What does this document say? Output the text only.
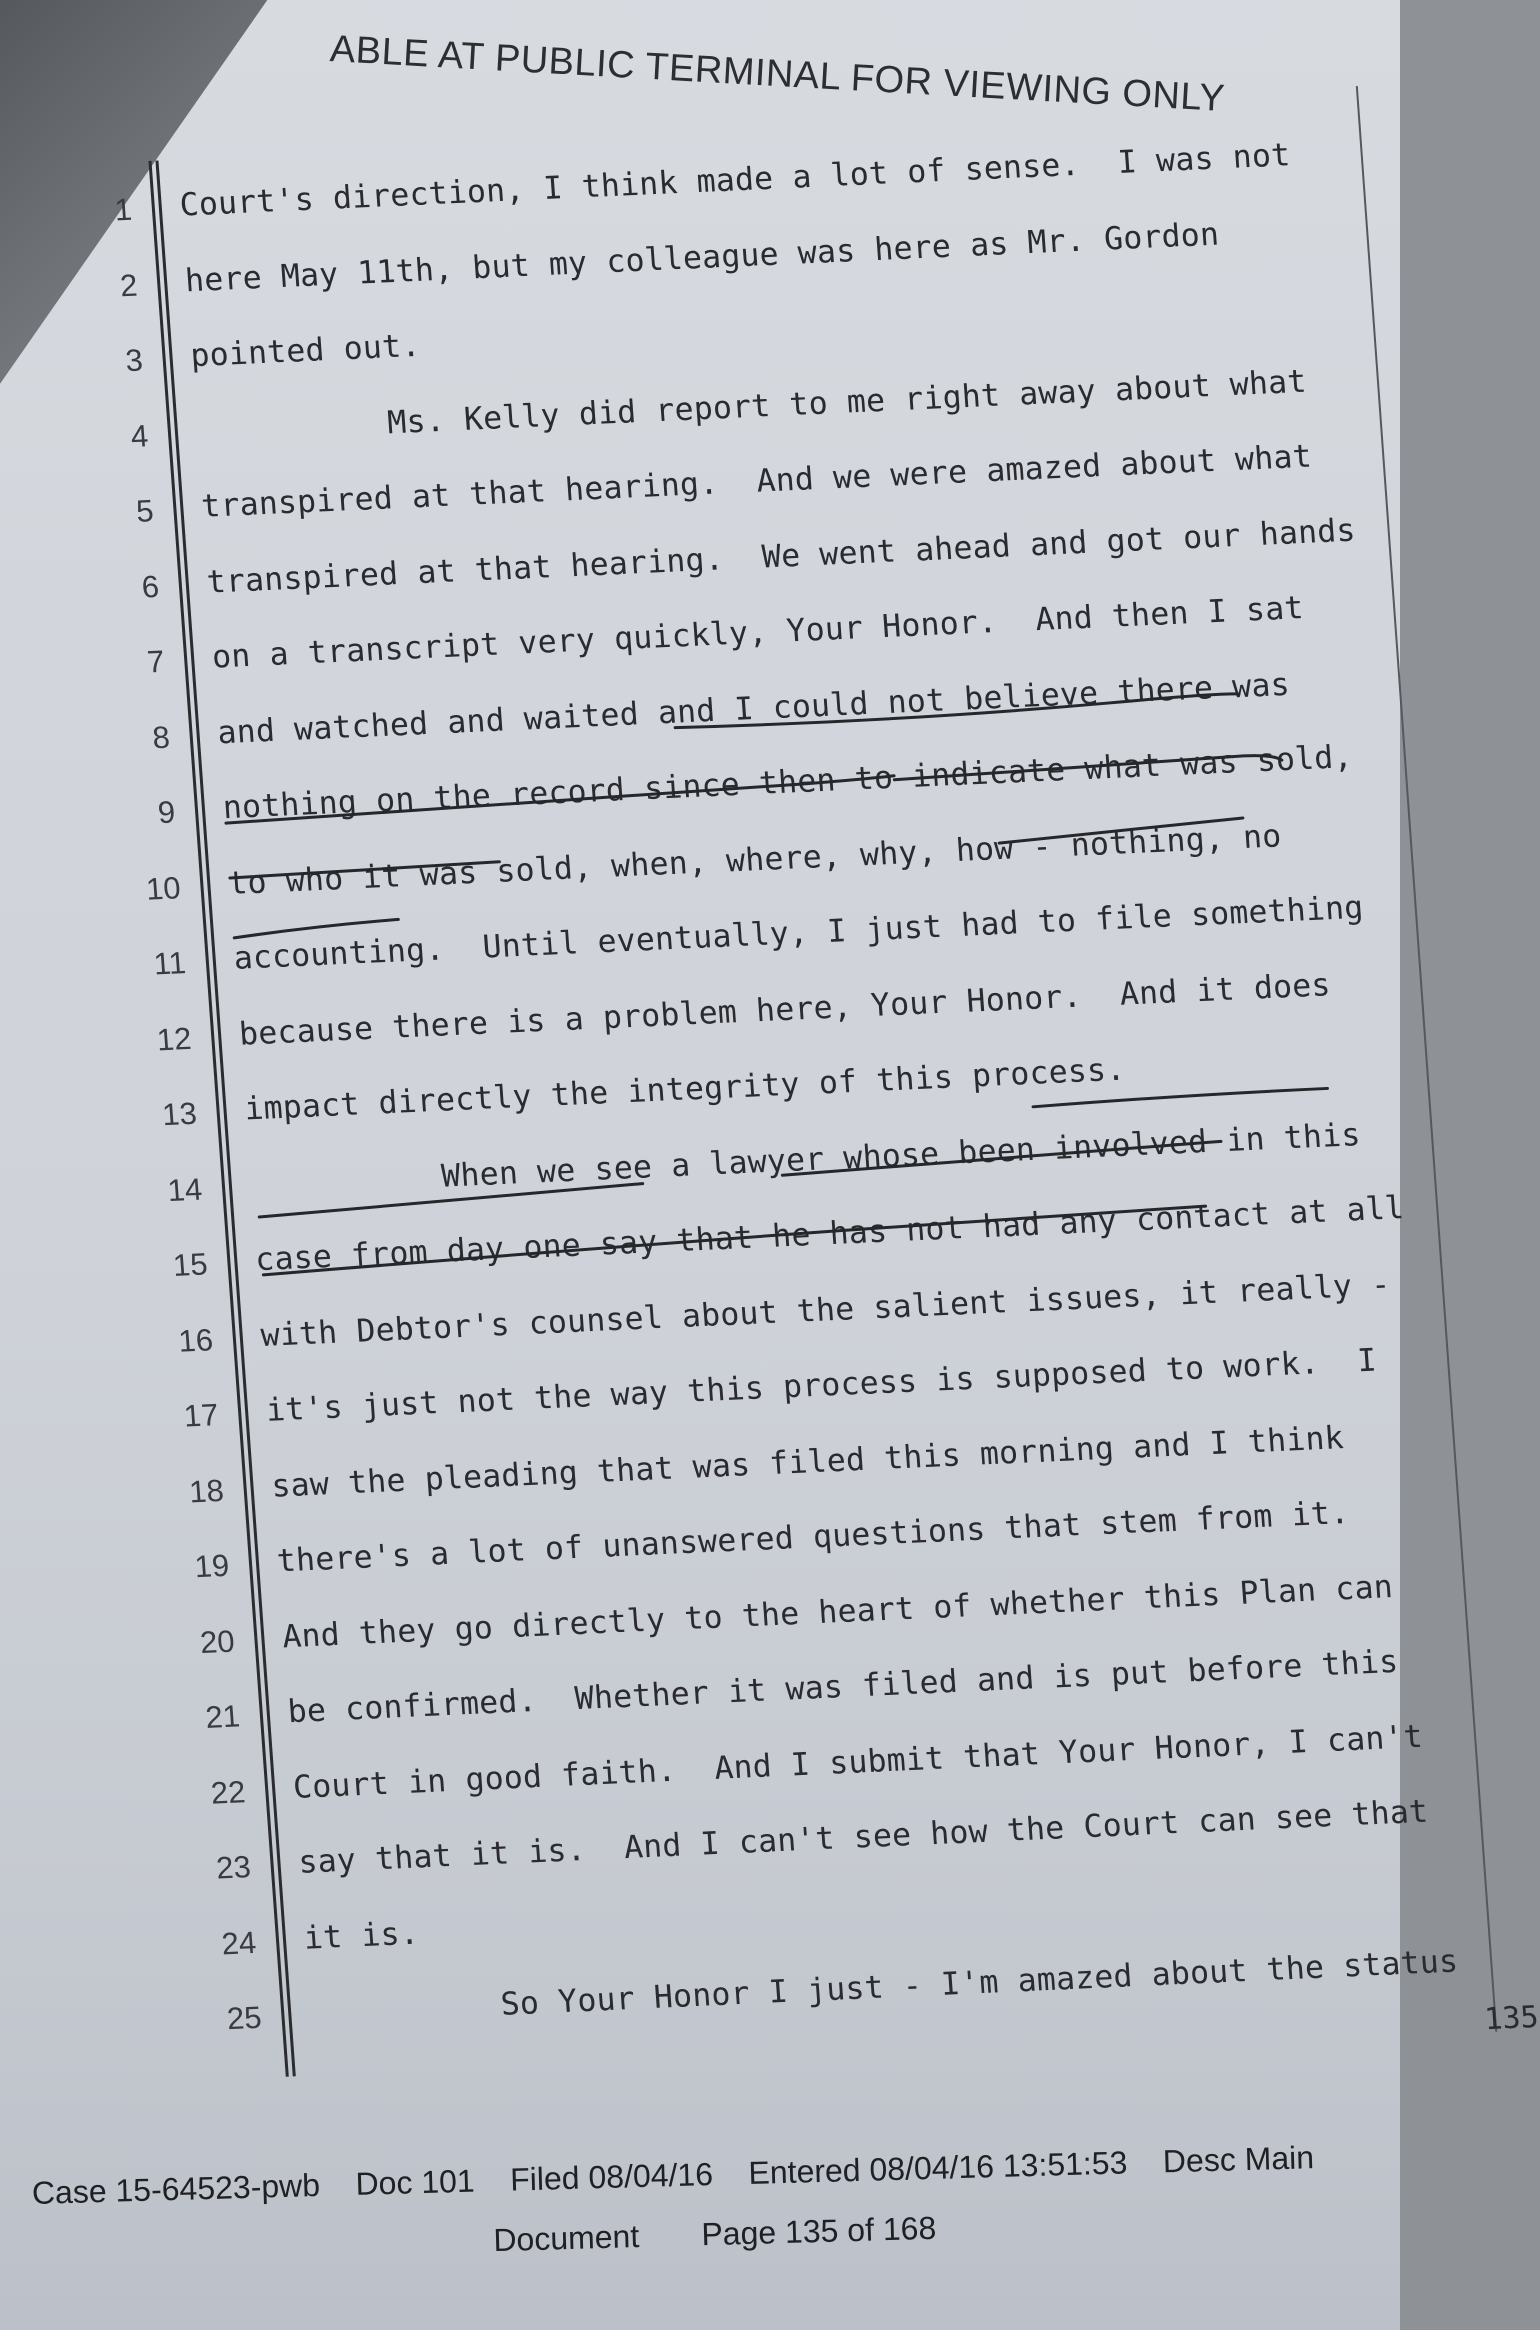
ABLE AT PUBLIC TERMINAL FOR VIEWING ONLY
1 Court's direction, I think made a lot of sense.  I was not
2 here May 11th, but my colleague was here as Mr. Gordon
3 pointed out.
4 Ms. Kelly did report to me right away about what
5 transpired at that hearing.  And we were amazed about what
6 transpired at that hearing.  We went ahead and got our hands
7 on a transcript very quickly, Your Honor.  And then I sat
8 and watched and waited and I could not believe there was
9 nothing on the record since then to indicate what was sold,
10 to who it was sold, when, where, why, how - nothing, no
11 accounting.  Until eventually, I just had to file something
12 because there is a problem here, Your Honor.  And it does
13 impact directly the integrity of this process.
14 When we see a lawyer whose been involved in this
15 case from day one say that he has not had any contact at all
16 with Debtor's counsel about the salient issues, it really -
17 it's just not the way this process is supposed to work.  I
18 saw the pleading that was filed this morning and I think
19 there's a lot of unanswered questions that stem from it.
20 And they go directly to the heart of whether this Plan can
21 be confirmed.  Whether it was filed and is put before this
22 Court in good faith.  And I submit that Your Honor, I can't
23 say that it is.  And I can't see how the Court can see that
24 it is.
25 So Your Honor I just - I'm amazed about the status 135
Case 15-64523-pwb    Doc 101    Filed 08/04/16    Entered 08/04/16 13:51:53    Desc Main
Document       Page 135 of 168
